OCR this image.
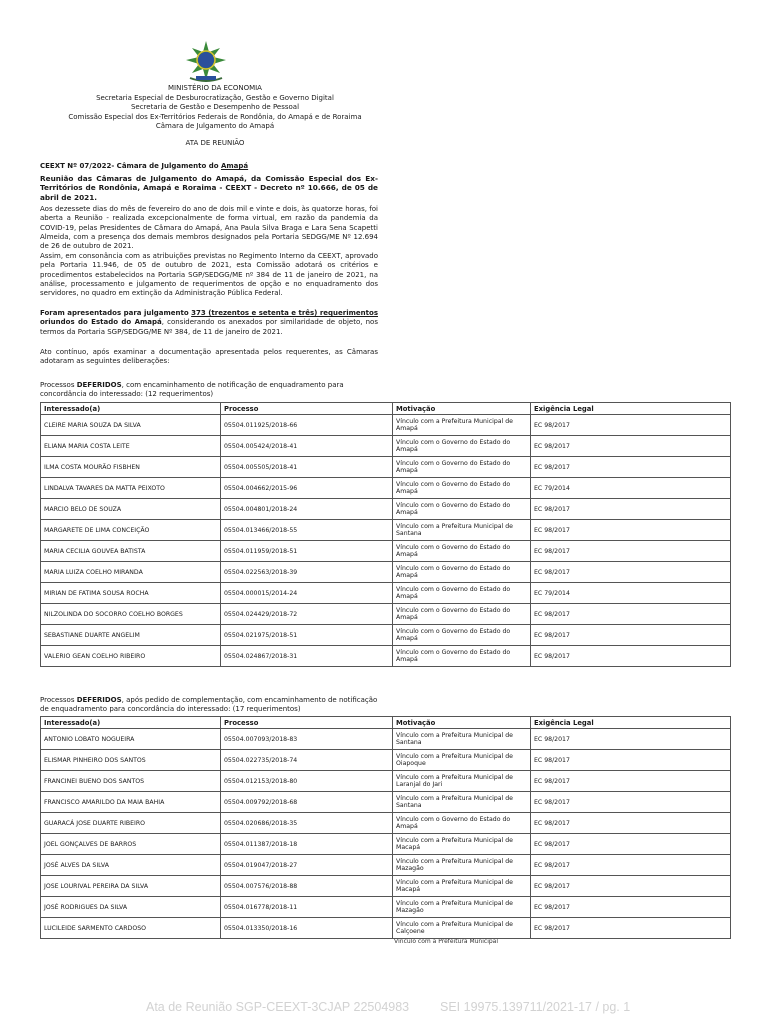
MINISTÉRIO DA ECONOMIA
Secretaria Especial de Desburocratização, Gestão e Governo Digital
Secretaria de Gestão e Desempenho de Pessoal
Comissão Especial dos Ex-Territórios Federais de Rondônia, do Amapá e de Roraima
Câmara de Julgamento do Amapá
ATA DE REUNIÃO
CEEXT Nº 07/2022- Câmara de Julgamento do Amapá
Reunião das Câmaras de Julgamento do Amapá, da Comissão Especial dos Ex-Territórios de Rondônia, Amapá e Roraima - CEEXT - Decreto nº 10.666, de 05 de abril de 2021.
Aos dezessete dias do mês de fevereiro do ano de dois mil e vinte e dois, às quatorze horas, foi aberta a Reunião - realizada excepcionalmente de forma virtual, em razão da pandemia da COVID-19, pelas Presidentes de Câmara do Amapá, Ana Paula Silva Braga e Lara Sena Scapetti Almeida, com a presença dos demais membros designados pela Portaria SEDGG/ME Nº 12.694 de 26 de outubro de 2021.
Assim, em consonância com as atribuições previstas no Regimento Interno da CEEXT, aprovado pela Portaria 11.946, de 05 de outubro de 2021, esta Comissão adotará os critérios e procedimentos estabelecidos na Portaria SGP/SEDGG/ME nº 384 de 11 de janeiro de 2021, na análise, processamento e julgamento de requerimentos de opção e no enquadramento dos servidores, no quadro em extinção da Administração Pública Federal.
Foram apresentados para julgamento 373 (trezentos e setenta e três) requerimentos oriundos do Estado do Amapá, considerando os anexados por similaridade de objeto, nos termos da Portaria SGP/SEDGG/ME Nº 384, de 11 de janeiro de 2021.
Ato contínuo, após examinar a documentação apresentada pelos requerentes, as Câmaras adotaram as seguintes deliberações:
Processos DEFERIDOS, com encaminhamento de notificação de enquadramento para concordância do interessado: (12 requerimentos)
Interessado(a)	Processo	Motivação	Exigência Legal
CLEIRE MARIA SOUZA DA SILVA	05504.011925/2018-66	Vínculo com a Prefeitura Municipal de Amapá	EC 98/2017
ELIANA MARIA COSTA LEITE	05504.005424/2018-41	Vínculo com o Governo do Estado do Amapá	EC 98/2017
ILMA COSTA MOURÃO FISBHEN	05504.005505/2018-41	Vínculo com o Governo do Estado do Amapá	EC 98/2017
LINDALVA TAVARES DA MATTA PEIXOTO	05504.004662/2015-96	Vínculo com o Governo do Estado do Amapá	EC 79/2014
MARCIO BELO DE SOUZA	05504.004801/2018-24	Vínculo com o Governo do Estado do Amapá	EC 98/2017
MARGARETE DE LIMA CONCEIÇÃO	05504.013466/2018-55	Vínculo com a Prefeitura Municipal de Santana	EC 98/2017
MARIA CECILIA GOUVEA BATISTA	05504.011959/2018-51	Vínculo com o Governo do Estado do Amapá	EC 98/2017
MARIA LUIZA COELHO MIRANDA	05504.022563/2018-39	Vínculo com o Governo do Estado do Amapá	EC 98/2017
MIRIAN DE FATIMA SOUSA ROCHA	05504.000015/2014-24	Vínculo com o Governo do Estado do Amapá	EC 79/2014
NILZOLINDA DO SOCORRO COELHO BORGES	05504.024429/2018-72	Vínculo com o Governo do Estado do Amapá	EC 98/2017
SEBASTIANE DUARTE ANGELIM	05504.021975/2018-51	Vínculo com o Governo do Estado do Amapá	EC 98/2017
VALERIO GEAN COELHO RIBEIRO	05504.024867/2018-31	Vínculo com o Governo do Estado do Amapá	EC 98/2017
Processos DEFERIDOS, após pedido de complementação, com encaminhamento de notificação de enquadramento para concordância do interessado: (17 requerimentos)
Interessado(a)	Processo	Motivação	Exigência Legal
ANTONIO LOBATO NOGUEIRA	05504.007093/2018-83	Vínculo com a Prefeitura Municipal de Santana	EC 98/2017
ELISMAR PINHEIRO DOS SANTOS	05504.022735/2018-74	Vínculo com a Prefeitura Municipal de Oiapoque	EC 98/2017
FRANCINEI BUENO DOS SANTOS	05504.012153/2018-80	Vínculo com a Prefeitura Municipal de Laranjal do Jari	EC 98/2017
FRANCISCO AMARILDO DA MAIA BAHIA	05504.009792/2018-68	Vínculo com a Prefeitura Municipal de Santana	EC 98/2017
GUARACÁ JOSE DUARTE RIBEIRO	05504.020686/2018-35	Vínculo com o Governo do Estado do Amapá	EC 98/2017
JOEL GONÇALVES DE BARROS	05504.011387/2018-18	Vínculo com a Prefeitura Municipal de Macapá	EC 98/2017
JOSÉ ALVES DA SILVA	05504.019047/2018-27	Vínculo com a Prefeitura Municipal de Mazagão	EC 98/2017
JOSE LOURIVAL PEREIRA DA SILVA	05504.007576/2018-88	Vínculo com a Prefeitura Municipal de Macapá	EC 98/2017
JOSÉ RODRIGUES DA SILVA	05504.016778/2018-11	Vínculo com a Prefeitura Municipal de Mazagão	EC 98/2017
LUCILEIDE SARMENTO CARDOSO	05504.013350/2018-16	Vínculo com a Prefeitura Municipal de Calçoene	EC 98/2017
Vínculo com a Prefeitura Municipal
Ata de Reunião SGP-CEEXT-3CJAP 22504983 SEI 19975.139711/2021-17 / pg. 1
